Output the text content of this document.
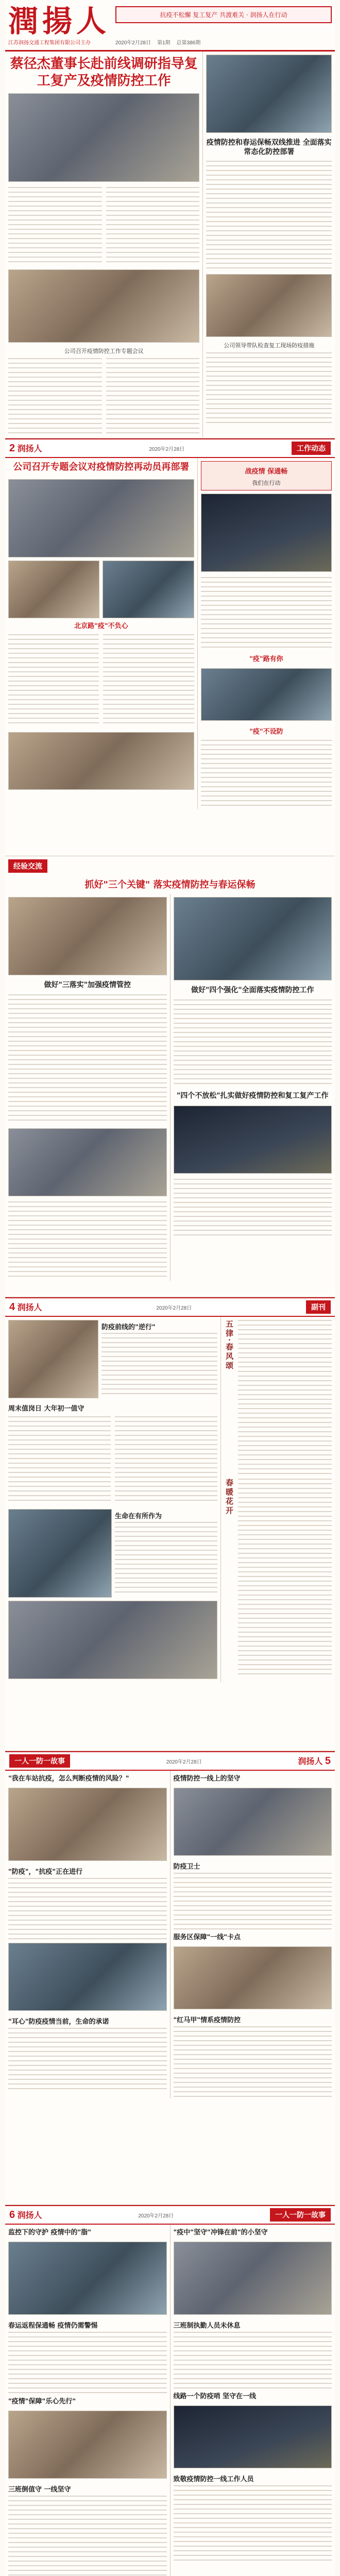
潤揚人
江苏润扬交通工程集团有限公司主办
抗疫不松懈 复工复产 共渡难关 · 润扬人在行动
2020年2月28日 第1期 总第386期
蔡径杰董事长赴前线调研指导复工复产及疫情防控工作
公司召开疫情防控工作专题会议
疫情防控和春运保畅双线推进 全面落实常态化防控部署
公司领导带队检查复工现场防疫措施
2 润扬人	2020年2月28日	工作动态
公司召开专题会议对疫情防控再动员再部署
北京路"疫"不负心
战疫情 保通畅
我们在行动
"疫"路有你
"疫"不设防
经验交流
抓好"三个关键" 落实疫情防控与春运保畅
做好"三落实"加强疫情管控
做好"四个强化"全面落实疫情防控工作
"四个不放松"扎实做好疫情防控和复工复产工作
4 润扬人	2020年2月28日	副刊
防疫前线的"逆行"
周末值岗日 大年初一值守
生命在有所作为
五律·春风颂
春暖花开
一人一防一故事	2020年2月28日	润扬人 5
"我在车站抗疫，怎么判断疫情的风险？"
"防疫"，"抗疫"正在进行
"耳心"防疫疫情当前，生命的承诺
疫情防控一线上的坚守
防疫卫士
服务区保障"一线"卡点
"红马甲"情系疫情防控
6 润扬人	2020年2月28日	一人一防一故事
监控下的守护 疫情中的"脂"
春运返程保通畅 疫情仍需警惕
"疫情"保障"乐心先行"
三班倒值守 一线坚守
"疫中"坚守"冲锋在前"的小坚守
三班制执勤人员未休息
线路一个防疫哨 坚守在一线
致敬疫情防控一线工作人员
